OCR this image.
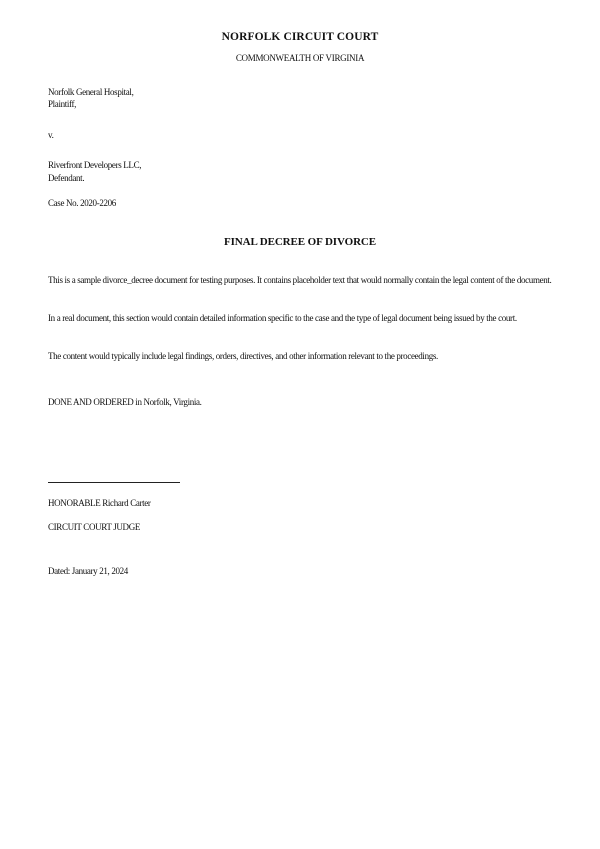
NORFOLK CIRCUIT COURT
COMMONWEALTH OF VIRGINIA
Norfolk General Hospital,
Plaintiff,
v.
Riverfront Developers LLC,
Defendant.
Case No. 2020-2206
FINAL DECREE OF DIVORCE
This is a sample divorce_decree document for testing purposes. It contains placeholder text that would normally contain the legal content of the document.
In a real document, this section would contain detailed information specific to the case and the type of legal document being issued by the court.
The content would typically include legal findings, orders, directives, and other information relevant to the proceedings.
DONE AND ORDERED in Norfolk, Virginia.
HONORABLE Richard Carter
CIRCUIT COURT JUDGE
Dated: January 21, 2024
